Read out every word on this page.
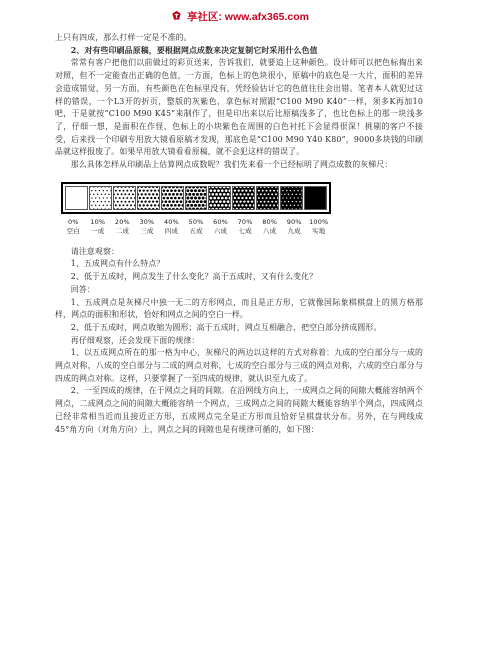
享社区: www.afx365.com

上只有四成，那么打样一定是不准的。

2、对有些印刷品原稿，要根据网点成数来决定复制它时采用什么色值

常常有客户把他们以前做过的彩页送来，告诉我们，就要追上这种颜色。设计师可以把色标掏出来对照，但不一定能查出正确的色值，一方面，色标上的色块很小，原稿中的底色是一大片，面积的差异会造成错觉，另一方面，有些颜色在色标里没有，凭经验估计它的色值往往会出错。笔者本人就犯过这样的错误，一个L3开的折页，整版的灰紫色，拿色标对照跟“C100 M90 K40”一样，须多K再加10吧，于是就按“C100 M90 K45”来制作了，但是印出来以后比原稿浅多了，也比色标上的那一块浅多了，仔细一想，是面积在作怪，色标上的小块紫色在周围的白色衬托下会显得很深！挑剔的客户不接受，后来找一个印刷专用放大镜看原稿才发现，那底色是“C100 M90 Y40 K80”，9000多块钱的印刷品就这样报废了。如果早用放大镜看看原稿，就不会犯这样的错误了。

那么具体怎样从印刷品上估算网点成数呢？我们先来看一个已经标明了网点成数的灰梯尺：

0%
空白
10%
一成
20%
二成
30%
三成
40%
四成
50%
五成
60%
六成
70%
七成
80%
八成
90%
九成
100%
实地

请注意观察：

1、五成网点有什么特点？

2、低于五成时，网点发生了什么变化？高于五成时，又有什么变化？

回答：

1、五成网点是灰梯尺中独一无二的方形网点，而且是正方形，它就像国际象棋棋盘上的黑方格那样，网点的面积和形状，恰好和网点之间的空白一样。

2、低于五成时，网点收缩为圆形；高于五成时，网点互相融合，把空白部分挤成圆形。

再仔细观察，还会发现下面的规律：

1、以五成网点所在的那一格为中心，灰梯尺的两边以这样的方式对称着：九成的空白部分与一成的网点对称，八成的空白部分与二成的网点对称，七成的空白部分与三成的网点对称，六成的空白部分与四成的网点对称。这样，只要掌握了一至四成的规律，就认识至九成了。

2、一至四成的规律，在于网点之间的间隙。在沿网线方向上，一成网点之间的间隙大概能容纳两个网点，二成网点之间的间隙大概能容纳一个网点，三成网点之间的间隙大概能容纳半个网点，四成网点已经非常相当近而且接近正方形，五成网点完全是正方形而且恰好呈棋盘状分布。另外，在与网线成45°角方向（对角方向）上，网点之间的间隙也是有规律可循的，如下图：
